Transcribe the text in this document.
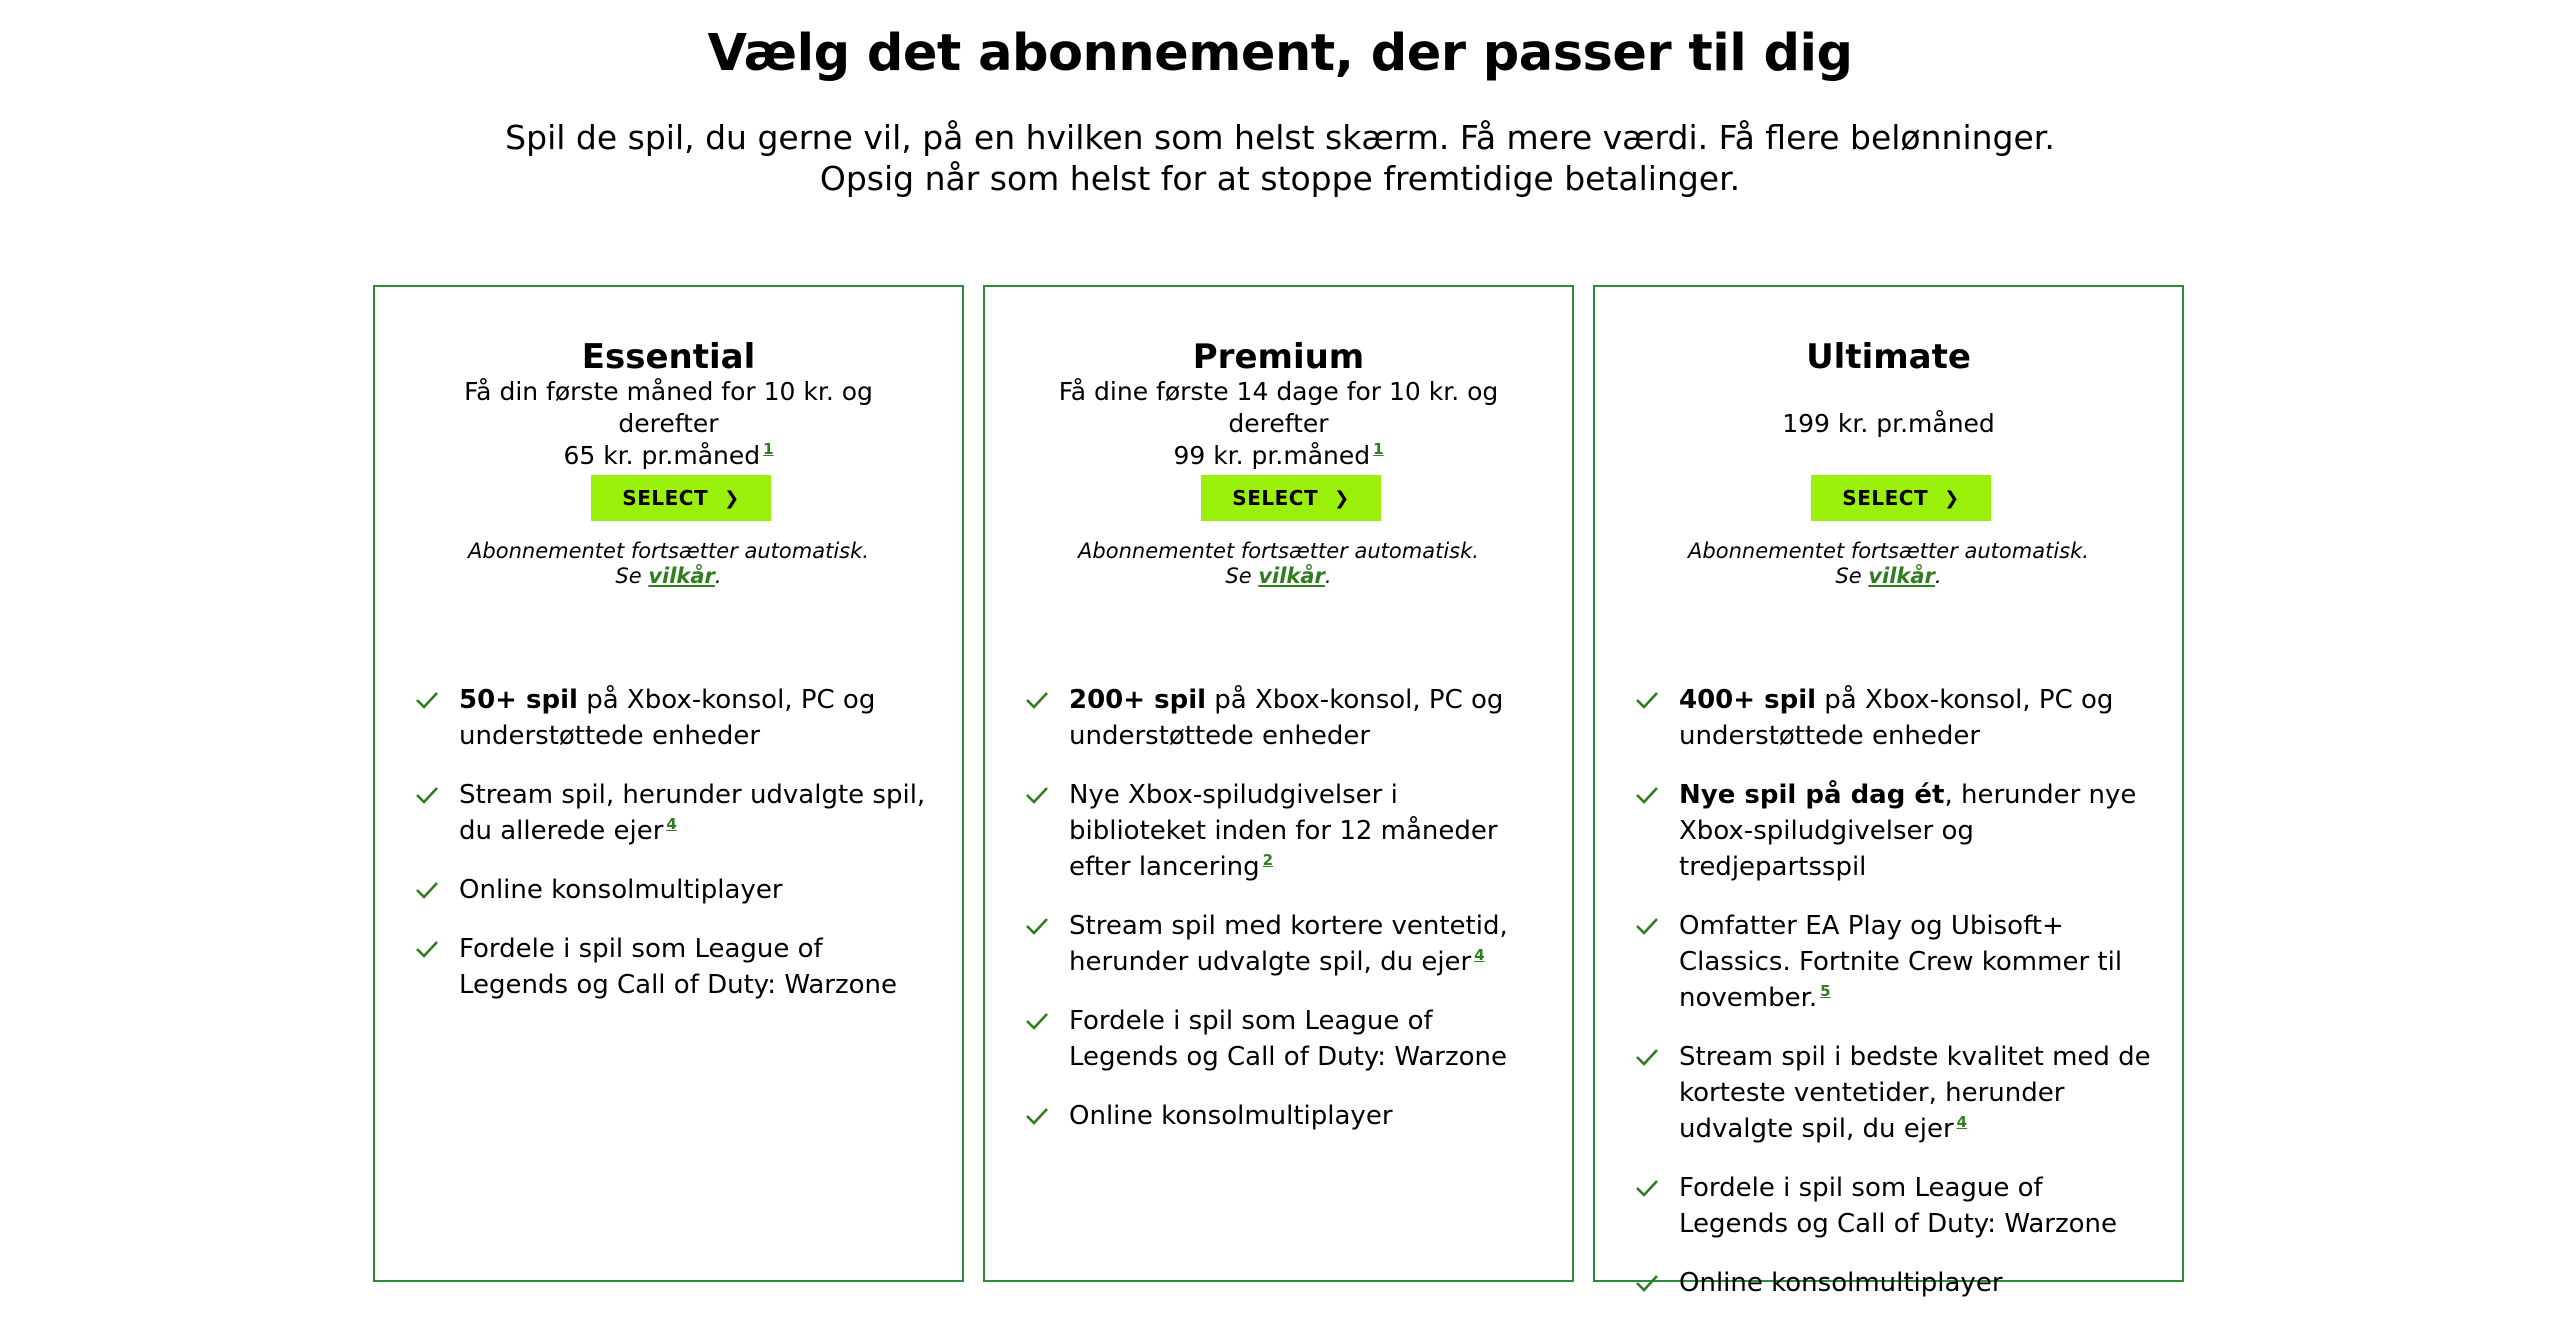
Vælg det abonnement, der passer til dig

Spil de spil, du gerne vil, på en hvilken som helst skærm. Få mere værdi. Få flere belønninger.
Opsig når som helst for at stoppe fremtidige betalinger.

Essential
Få din første måned for 10 kr. og derefter
65 kr. pr.måned $^1$
SELECT ❯
Abonnementet fortsætter automatisk.
Se vilkår.
50+ spil på Xbox-konsol, PC og understøttede enheder
Stream spil, herunder udvalgte spil, du allerede ejer $^4$
Online konsolmultiplayer
Fordele i spil som League of Legends og Call of Duty: Warzone
Premium
Få dine første 14 dage for 10 kr. og derefter
99 kr. pr.måned $^1$
SELECT ❯
Abonnementet fortsætter automatisk.
Se vilkår.
200+ spil på Xbox-konsol, PC og understøttede enheder
Nye Xbox-spiludgivelser i biblioteket inden for 12 måneder efter lancering $^2$
Stream spil med kortere ventetid, herunder udvalgte spil, du ejer $^4$
Fordele i spil som League of Legends og Call of Duty: Warzone
Online konsolmultiplayer
Ultimate
199 kr. pr.måned
SELECT ❯
Abonnementet fortsætter automatisk.
Se vilkår.
400+ spil på Xbox-konsol, PC og understøttede enheder
Nye spil på dag ét, herunder nye Xbox-spiludgivelser og tredjepartsspil
Omfatter EA Play og Ubisoft+ Classics. Fortnite Crew kommer til november. $^5$
Stream spil i bedste kvalitet med de korteste ventetider, herunder udvalgte spil, du ejer $^4$
Fordele i spil som League of Legends og Call of Duty: Warzone
Online konsolmultiplayer
